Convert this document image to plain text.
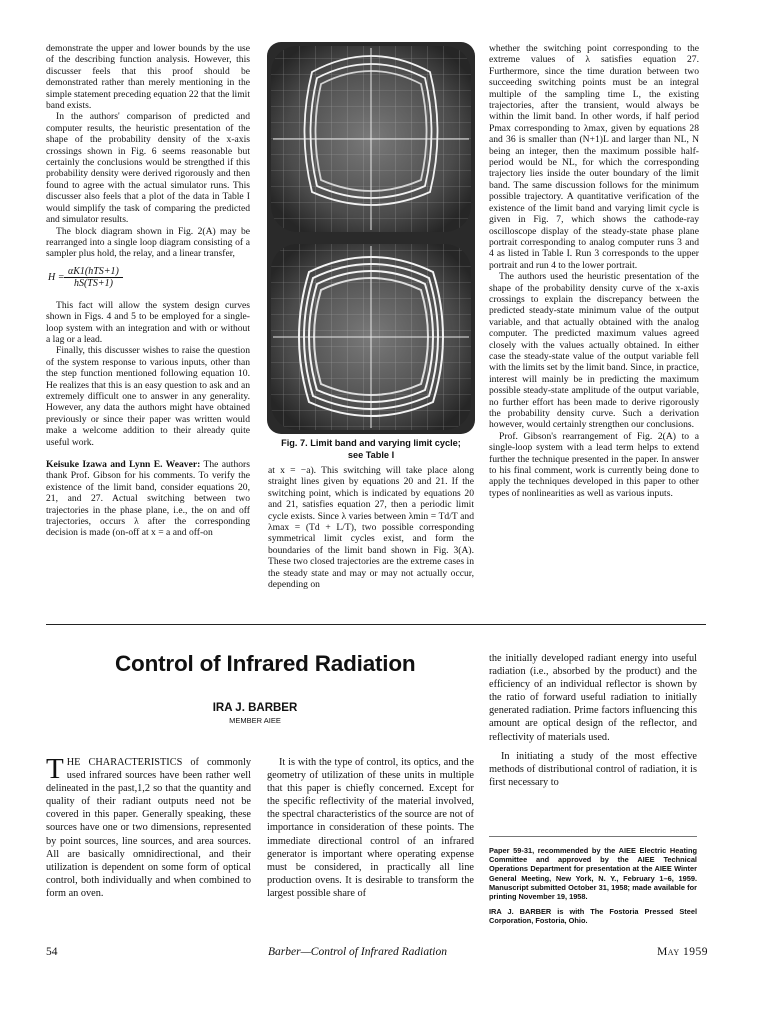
demonstrate the upper and lower bounds by the use of the describing function analysis. However, this discusser feels that this proof should be demonstrated rather than merely mentioning in the simple statement preceding equation 22 that the limit band exists.

In the authors' comparison of predicted and computer results, the heuristic presentation of the shape of the probability density of the x-axis crossings shown in Fig. 6 seems reasonable but certainly the conclusions would be strengthed if this probability density were derived rigorously and then found to agree with the actual simulator runs. This discusser also feels that a plot of the data in Table I would simplify the task of comparing the predicted and simulator results.

The block diagram shown in Fig. 2(A) may be rearranged into a single loop diagram consisting of a sampler plus hold, the relay, and a linear transfer,

H =
αK1(hTS+1)
hS(TS+1)

This fact will allow the system design curves shown in Figs. 4 and 5 to be employed for a single-loop system with an integration and with or without a lag or a lead.

Finally, this discusser wishes to raise the question of the system response to various inputs, other than the step function mentioned following equation 10. He realizes that this is an easy question to ask and an extremely difficult one to answer in any generality. However, any data the authors might have obtained previously or since their paper was written would make a welcome addition to their already quite useful work.

Keisuke Izawa and Lynn E. Weaver: The authors thank Prof. Gibson for his comments. To verify the existence of the limit band, consider equations 20, 21, and 27. Actual switching between two trajectories in the phase plane, i.e., the on and off trajectories, occurs λ after the corresponding decision is made (on-off at x = a and off-on

Fig. 7. Limit band and varying limit cycle;
see Table I

at x = −a). This switching will take place along straight lines given by equations 20 and 21. If the switching point, which is indicated by equations 20 and 21, satisfies equation 27, then a periodic limit cycle exists. Since λ varies between λmin = Td/T and λmax = (Td + L/T), two possible corresponding symmetrical limit cycles exist, and form the boundaries of the limit band shown in Fig. 3(A). These two closed trajectories are the extreme cases in the steady state and may or may not actually occur, depending on

whether the switching point corresponding to the extreme values of λ satisfies equation 27. Furthermore, since the time duration between two succeeding switching points must be an integral multiple of the sampling time L, the existing trajectories, after the transient, would always be within the limit band. In other words, if half period Pmax corresponding to λmax, given by equations 28 and 36 is smaller than (N+1)L and larger than NL, N being an integer, then the maximum possible half-period would be NL, for which the corresponding trajectory lies inside the outer boundary of the limit band. The same discussion follows for the minimum possible trajectory. A quantitative verification of the existence of the limit band and varying limit cycle is given in Fig. 7, which shows the cathode-ray oscilloscope display of the steady-state phase plane portrait corresponding to analog computer runs 3 and 4 as listed in Table I. Run 3 corresponds to the upper portrait and run 4 to the lower portrait.

The authors used the heuristic presentation of the shape of the probability density curve of the x-axis crossings to explain the discrepancy between the predicted steady-state minimum value of the output variable, and that actually obtained with the analog computer. The predicted maximum values agreed closely with the values actually obtained. In either case the steady-state value of the output variable fell with the limits set by the limit band. Since, in practice, interest will mainly be in predicting the maximum possible steady-state amplitude of the output variable, no further effort has been made to derive rigorously the probability density curve. Such a derivation however, would certainly strengthen our conclusions.

Prof. Gibson's rearrangement of Fig. 2(A) to a single-loop system with a lead term helps to extend further the technique presented in the paper. In answer to his final comment, work is currently being done to apply the techniques developed in this paper to other types of nonlinearities as well as various inputs.

Control of Infrared Radiation
IRA J. BARBER
MEMBER AIEE

THE CHARACTERISTICS of commonly used infrared sources have been rather well delineated in the past,1,2 so that the quantity and quality of their radiant outputs need not be covered in this paper. Generally speaking, these sources have one or two dimensions, represented by point sources, line sources, and area sources. All are basically omnidirectional, and their utilization is dependent on some form of optical control, both individually and when combined to form an oven.

It is with the type of control, its optics, and the geometry of utilization of these units in multiple that this paper is chiefly concerned. Except for the specific reflectivity of the material involved, the spectral characteristics of the source are not of importance in consideration of these points. The immediate directional control of an infrared generator is important where operating expense must be considered, in practically all line production ovens. It is desirable to transform the largest possible share of

the initially developed radiant energy into useful radiation (i.e., absorbed by the product) and the efficiency of an individual reflector is shown by the ratio of forward useful radiation to initially generated radiation. Prime factors influencing this amount are optical design of the reflector, and reflectivity of materials used.

In initiating a study of the most effective methods of distributional control of radiation, it is first necessary to

Paper 59-31, recommended by the AIEE Electric Heating Committee and approved by the AIEE Technical Operations Department for presentation at the AIEE Winter General Meeting, New York, N. Y., February 1–6, 1959. Manuscript submitted October 31, 1958; made available for printing November 19, 1958.
IRA J. BARBER is with The Fostoria Pressed Steel Corporation, Fostoria, Ohio.
54	Barber—Control of Infrared Radiation	May 1959
